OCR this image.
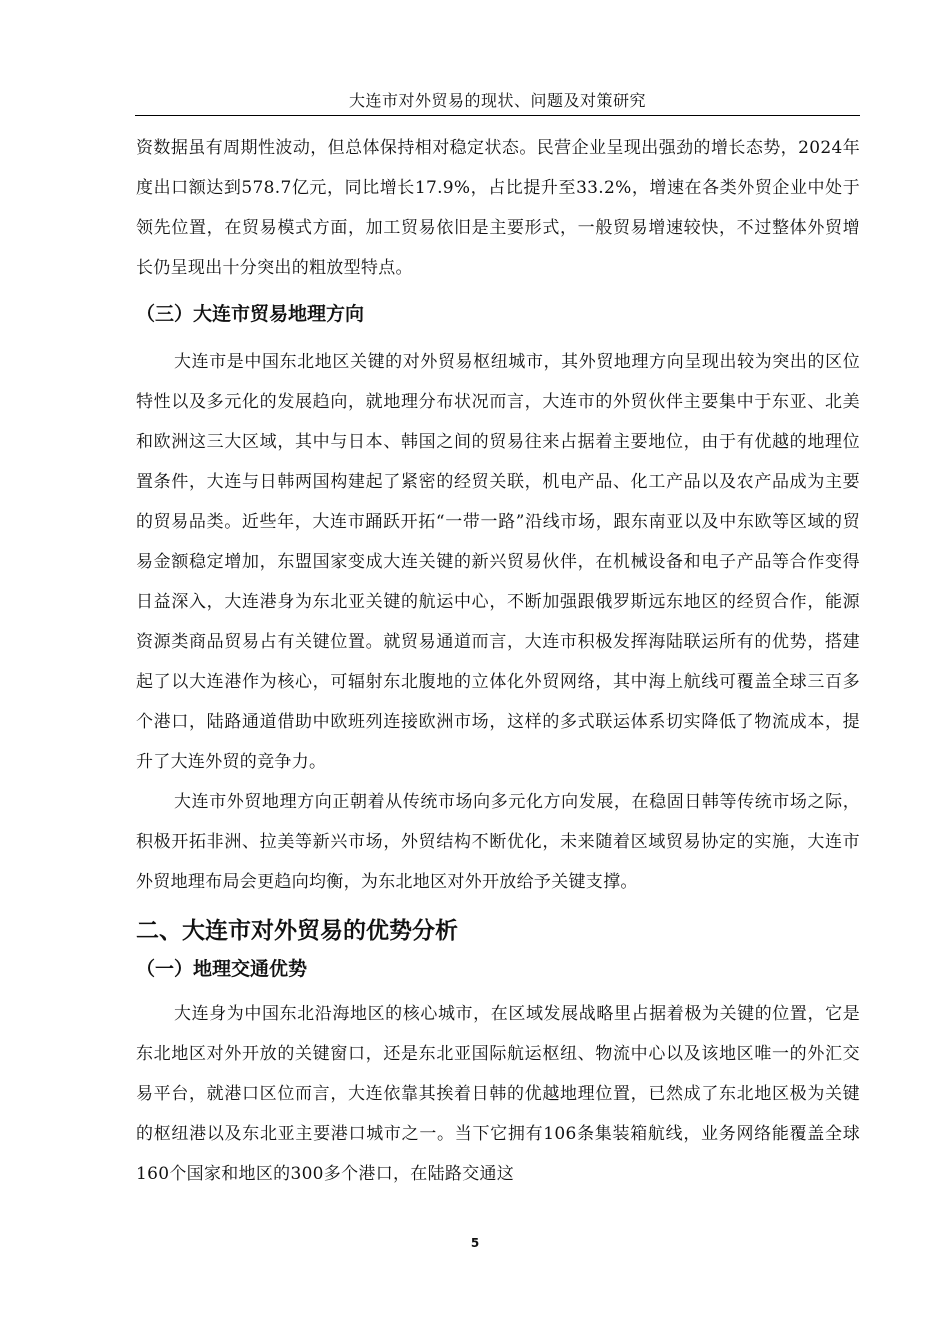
大连市对外贸易的现状、问题及对策研究

资数据虽有周期性波动，但总体保持相对稳定状态。民营企业呈现出强劲的增长态势，2024年度出口额达到578.7亿元，同比增长17.9%，占比提升至33.2%，增速在各类外贸企业中处于领先位置，在贸易模式方面，加工贸易依旧是主要形式，一般贸易增速较快，不过整体外贸增长仍呈现出十分突出的粗放型特点。

（三）大连市贸易地理方向

大连市是中国东北地区关键的对外贸易枢纽城市，其外贸地理方向呈现出较为突出的区位特性以及多元化的发展趋向，就地理分布状况而言，大连市的外贸伙伴主要集中于东亚、北美和欧洲这三大区域，其中与日本、韩国之间的贸易往来占据着主要地位，由于有优越的地理位置条件，大连与日韩两国构建起了紧密的经贸关联，机电产品、化工产品以及农产品成为主要的贸易品类。近些年，大连市踊跃开拓“一带一路”沿线市场，跟东南亚以及中东欧等区域的贸易金额稳定增加，东盟国家变成大连关键的新兴贸易伙伴，在机械设备和电子产品等合作变得日益深入，大连港身为东北亚关键的航运中心，不断加强跟俄罗斯远东地区的经贸合作，能源资源类商品贸易占有关键位置。就贸易通道而言，大连市积极发挥海陆联运所有的优势，搭建起了以大连港作为核心，可辐射东北腹地的立体化外贸网络，其中海上航线可覆盖全球三百多个港口，陆路通道借助中欧班列连接欧洲市场，这样的多式联运体系切实降低了物流成本，提升了大连外贸的竞争力。

大连市外贸地理方向正朝着从传统市场向多元化方向发展，在稳固日韩等传统市场之际，积极开拓非洲、拉美等新兴市场，外贸结构不断优化，未来随着区域贸易协定的实施，大连市外贸地理布局会更趋向均衡，为东北地区对外开放给予关键支撑。

二、大连市对外贸易的优势分析
（一）地理交通优势

大连身为中国东北沿海地区的核心城市，在区域发展战略里占据着极为关键的位置，它是东北地区对外开放的关键窗口，还是东北亚国际航运枢纽、物流中心以及该地区唯一的外汇交易平台，就港口区位而言，大连依靠其挨着日韩的优越地理位置，已然成了东北地区极为关键的枢纽港以及东北亚主要港口城市之一。当下它拥有106条集装箱航线，业务网络能覆盖全球160个国家和地区的300多个港口，在陆路交通这

5
